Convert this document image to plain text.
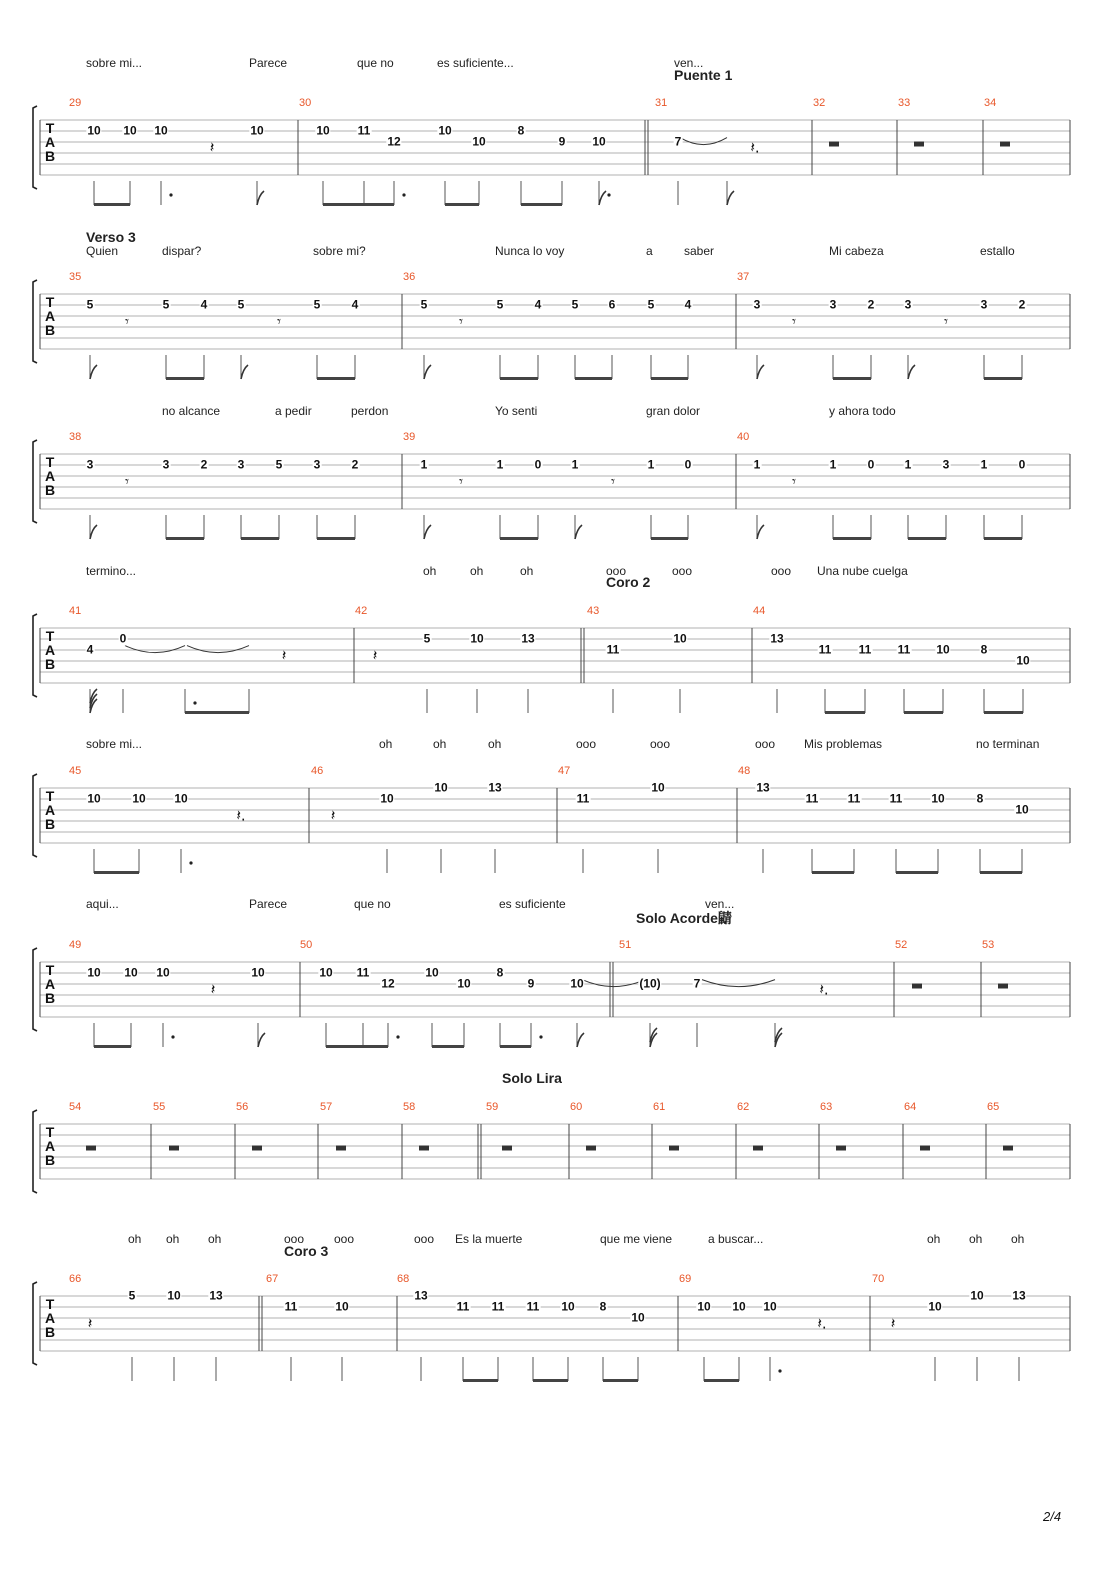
T
A
B
29	30	31	32	33	34
Puente 1
sobre mi...	Parece	que no	es suficiente...	ven...
𝄽	𝄽.
10 10 10	10	10 11
12
10
10
8
9 10	7
T
A
B
35	36	37
Verso 3
Quien	dispar?	sobre mi?	Nunca lo voy	a	saber	Mi cabeza	estallo
𝄾	𝄾	𝄾	𝄾	𝄾
5	5	4	5	5	4	5	5	4	5	6	5	4	3	3	2	3	3	2
T
A
B
38	39	40
no alcance	a pedir	perdon	Yo senti	gran dolor	y ahora todo
𝄾	𝄾	𝄾	𝄾
3	3	2	3	5	3	2	1	1	0	1	1	0	1	1	0	1	3	1	0
T
A
B
41	42	43	44
Coro 2
termino...	oh	oh	oh	ooo	ooo	ooo Una nube cuelga
𝄽	𝄽
4
0	5	10	13
11
10	13
11 11 11 10	8
10
T
A
B
45	46	47	48
sobre mi...	oh	oh	oh	ooo	ooo	ooo Mis problemas	no terminan
𝄽.	𝄽
10	10 10	10
10	13
11
10	13
11 11 11 10	8
10
T
A
B
49	50	51	52	53
Solo Acorde鼱
aqui...	Parece	que no	es suficiente	ven...
𝄽	𝄽.
10 10 10	10	10 11
12
10
10
8
9	10	(10)	7
T
A
B
54	55	56	57	58	59	60	61	62	63	64	65
Solo Lira
T
A
B
66	67	68	69	70
Coro 3
oh oh oh	ooo ooo	ooo Es la muerte	que me viene	a buscar...	oh oh oh
𝄽	𝄽.	𝄽
5	10 13
11	10
13
11 11 11 10 8
10
10 10 10	10
10 13
2/4
